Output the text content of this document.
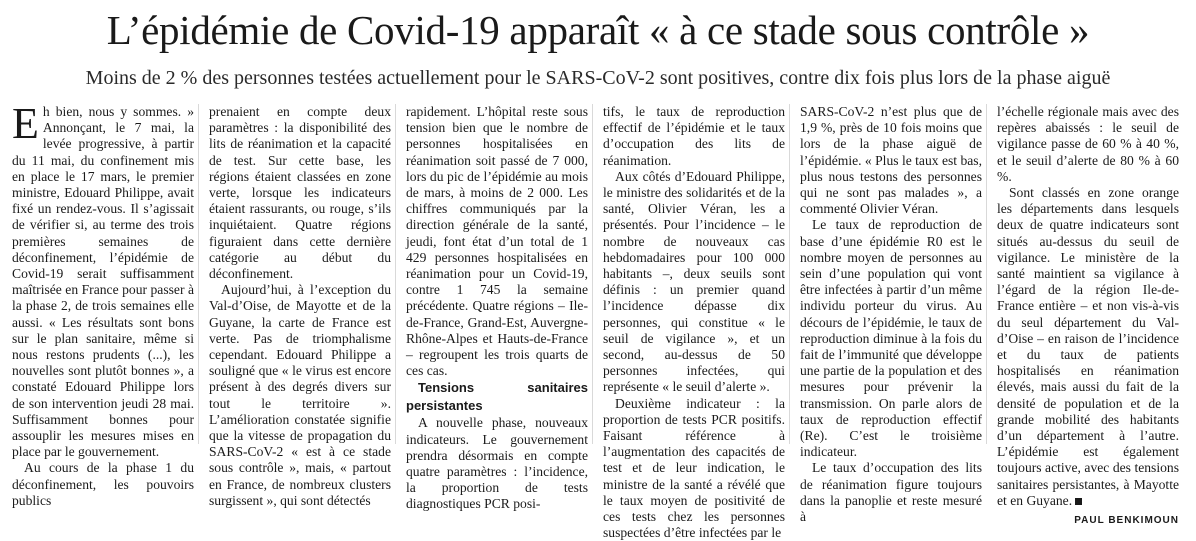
L’épidémie de Covid-19 apparaît « à ce stade sous contrôle »
Moins de 2 % des personnes testées actuellement pour le SARS-CoV-2 sont positives, contre dix fois plus lors de la phase aiguë

Eh bien, nous y sommes. » Annonçant, le 7 mai, la levée progressive, à partir du 11 mai, du confinement mis en place le 17 mars, le premier ministre, Edouard Philippe, avait fixé un rendez-vous. Il s’agissait de vérifier si, au terme des trois premières semaines de déconfinement, l’épidémie de Covid-19 serait suffisamment maîtrisée en France pour passer à la phase 2, de trois semaines elle aussi. « Les résultats sont bons sur le plan sanitaire, même si nous restons prudents (...), les nouvelles sont plutôt bonnes », a constaté Edouard Philippe lors de son intervention jeudi 28 mai. Suffisamment bonnes pour assouplir les mesures mises en place par le gouvernement.

Au cours de la phase 1 du déconfinement, les pouvoirs publics

prenaient en compte deux paramètres : la disponibilité des lits de réanimation et la capacité de test. Sur cette base, les régions étaient classées en zone verte, lorsque les indicateurs étaient rassurants, ou rouge, s’ils inquiétaient. Quatre régions figuraient dans cette dernière catégorie au début du déconfinement.

Aujourd’hui, à l’exception du Val-d’Oise, de Mayotte et de la Guyane, la carte de France est verte. Pas de triomphalisme cependant. Edouard Philippe a souligné que « le virus est encore présent à des degrés divers sur tout le territoire ». L’amélioration constatée signifie que la vitesse de propagation du SARS-CoV-2 « est à ce stade sous contrôle », mais, « partout en France, de nombreux clusters surgissent », qui sont détectés

rapidement. L’hôpital reste sous tension bien que le nombre de personnes hospitalisées en réanimation soit passé de 7 000, lors du pic de l’épidémie au mois de mars, à moins de 2 000. Les chiffres communiqués par la direction générale de la santé, jeudi, font état d’un total de 1 429 personnes hospitalisées en réanimation pour un Covid-19, contre 1 745 la semaine précédente. Quatre régions – Ile-de-France, Grand-Est, Auvergne-Rhône-Alpes et Hauts-de-France – regroupent les trois quarts de ces cas.

Tensions sanitaires persistantes

A nouvelle phase, nouveaux indicateurs. Le gouvernement prendra désormais en compte quatre paramètres : l’incidence, la proportion de tests diagnostiques PCR posi-

tifs, le taux de reproduction effectif de l’épidémie et le taux d’occupation des lits de réanimation.

Aux côtés d’Edouard Philippe, le ministre des solidarités et de la santé, Olivier Véran, les a présentés. Pour l’incidence – le nombre de nouveaux cas hebdomadaires pour 100 000 habitants –, deux seuils sont définis : un premier quand l’incidence dépasse dix personnes, qui constitue « le seuil de vigilance », et un second, au-dessus de 50 personnes infectées, qui représente « le seuil d’alerte ».

Deuxième indicateur : la proportion de tests PCR positifs. Faisant référence à l’augmentation des capacités de test et de leur indication, le ministre de la santé a révélé que le taux moyen de positivité de ces tests chez les personnes suspectées d’être infectées par le

SARS-CoV-2 n’est plus que de 1,9 %, près de 10 fois moins que lors de la phase aiguë de l’épidémie. « Plus le taux est bas, plus nous testons des personnes qui ne sont pas malades », a commenté Olivier Véran.

Le taux de reproduction de base d’une épidémie R0 est le nombre moyen de personnes au sein d’une population qui vont être infectées à partir d’un même individu porteur du virus. Au décours de l’épidémie, le taux de reproduction diminue à la fois du fait de l’immunité que développe une partie de la population et des mesures pour prévenir la transmission. On parle alors de taux de reproduction effectif (Re). C’est le troisième indicateur.

Le taux d’occupation des lits de réanimation figure toujours dans la panoplie et reste mesuré à

l’échelle régionale mais avec des repères abaissés : le seuil de vigilance passe de 60 % à 40 %, et le seuil d’alerte de 80 % à 60 %.

Sont classés en zone orange les départements dans lesquels deux de quatre indicateurs sont situés au-dessus du seuil de vigilance. Le ministère de la santé maintient sa vigilance à l’égard de la région Ile-de-France entière – et non vis-à-vis du seul département du Val-d’Oise – en raison de l’incidence et du taux de patients hospitalisés en réanimation élevés, mais aussi du fait de la densité de population et de la grande mobilité des habitants d’un département à l’autre. L’épidémie est également toujours active, avec des tensions sanitaires persistantes, à Mayotte et en Guyane.

PAUL BENKIMOUN
